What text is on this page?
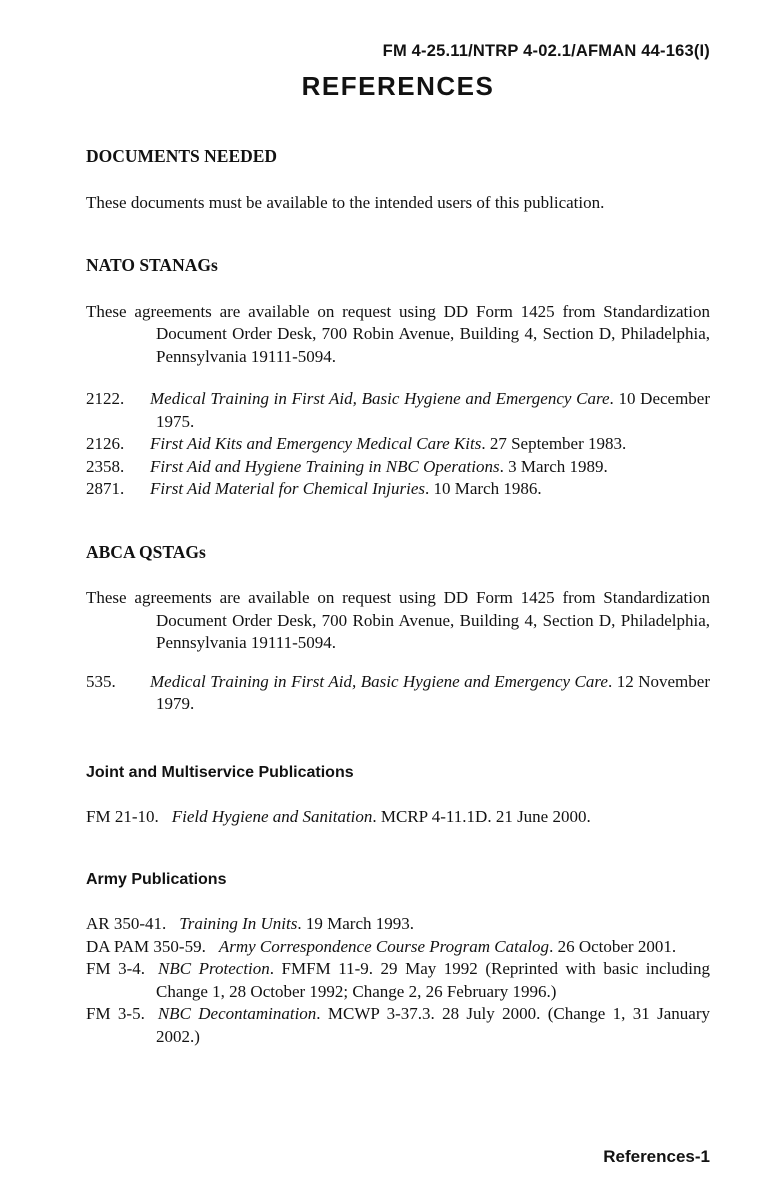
FM 4-25.11/NTRP 4-02.1/AFMAN 44-163(I)
REFERENCES
DOCUMENTS NEEDED

These documents must be available to the intended users of this publication.

NATO STANAGs

These agreements are available on request using DD Form 1425 from Standardization Document Order Desk, 700 Robin Avenue, Building 4, Section D, Philadelphia, Pennsylvania 19111-5094.

2122. Medical Training in First Aid, Basic Hygiene and Emergency Care. 10 December 1975.

2126. First Aid Kits and Emergency Medical Care Kits. 27 September 1983.

2358. First Aid and Hygiene Training in NBC Operations. 3 March 1989.

2871. First Aid Material for Chemical Injuries. 10 March 1986.

ABCA QSTAGs

These agreements are available on request using DD Form 1425 from Standardization Document Order Desk, 700 Robin Avenue, Building 4, Section D, Philadelphia, Pennsylvania 19111-5094.

535. Medical Training in First Aid, Basic Hygiene and Emergency Care. 12 November 1979.

Joint and Multiservice Publications

FM 21-10. Field Hygiene and Sanitation. MCRP 4-11.1D. 21 June 2000.

Army Publications

AR 350-41. Training In Units. 19 March 1993.

DA PAM 350-59. Army Correspondence Course Program Catalog. 26 October 2001.

FM 3-4. NBC Protection. FMFM 11-9. 29 May 1992 (Reprinted with basic including Change 1, 28 October 1992; Change 2, 26 February 1996.)

FM 3-5. NBC Decontamination. MCWP 3-37.3. 28 July 2000. (Change 1, 31 January 2002.)

References-1
